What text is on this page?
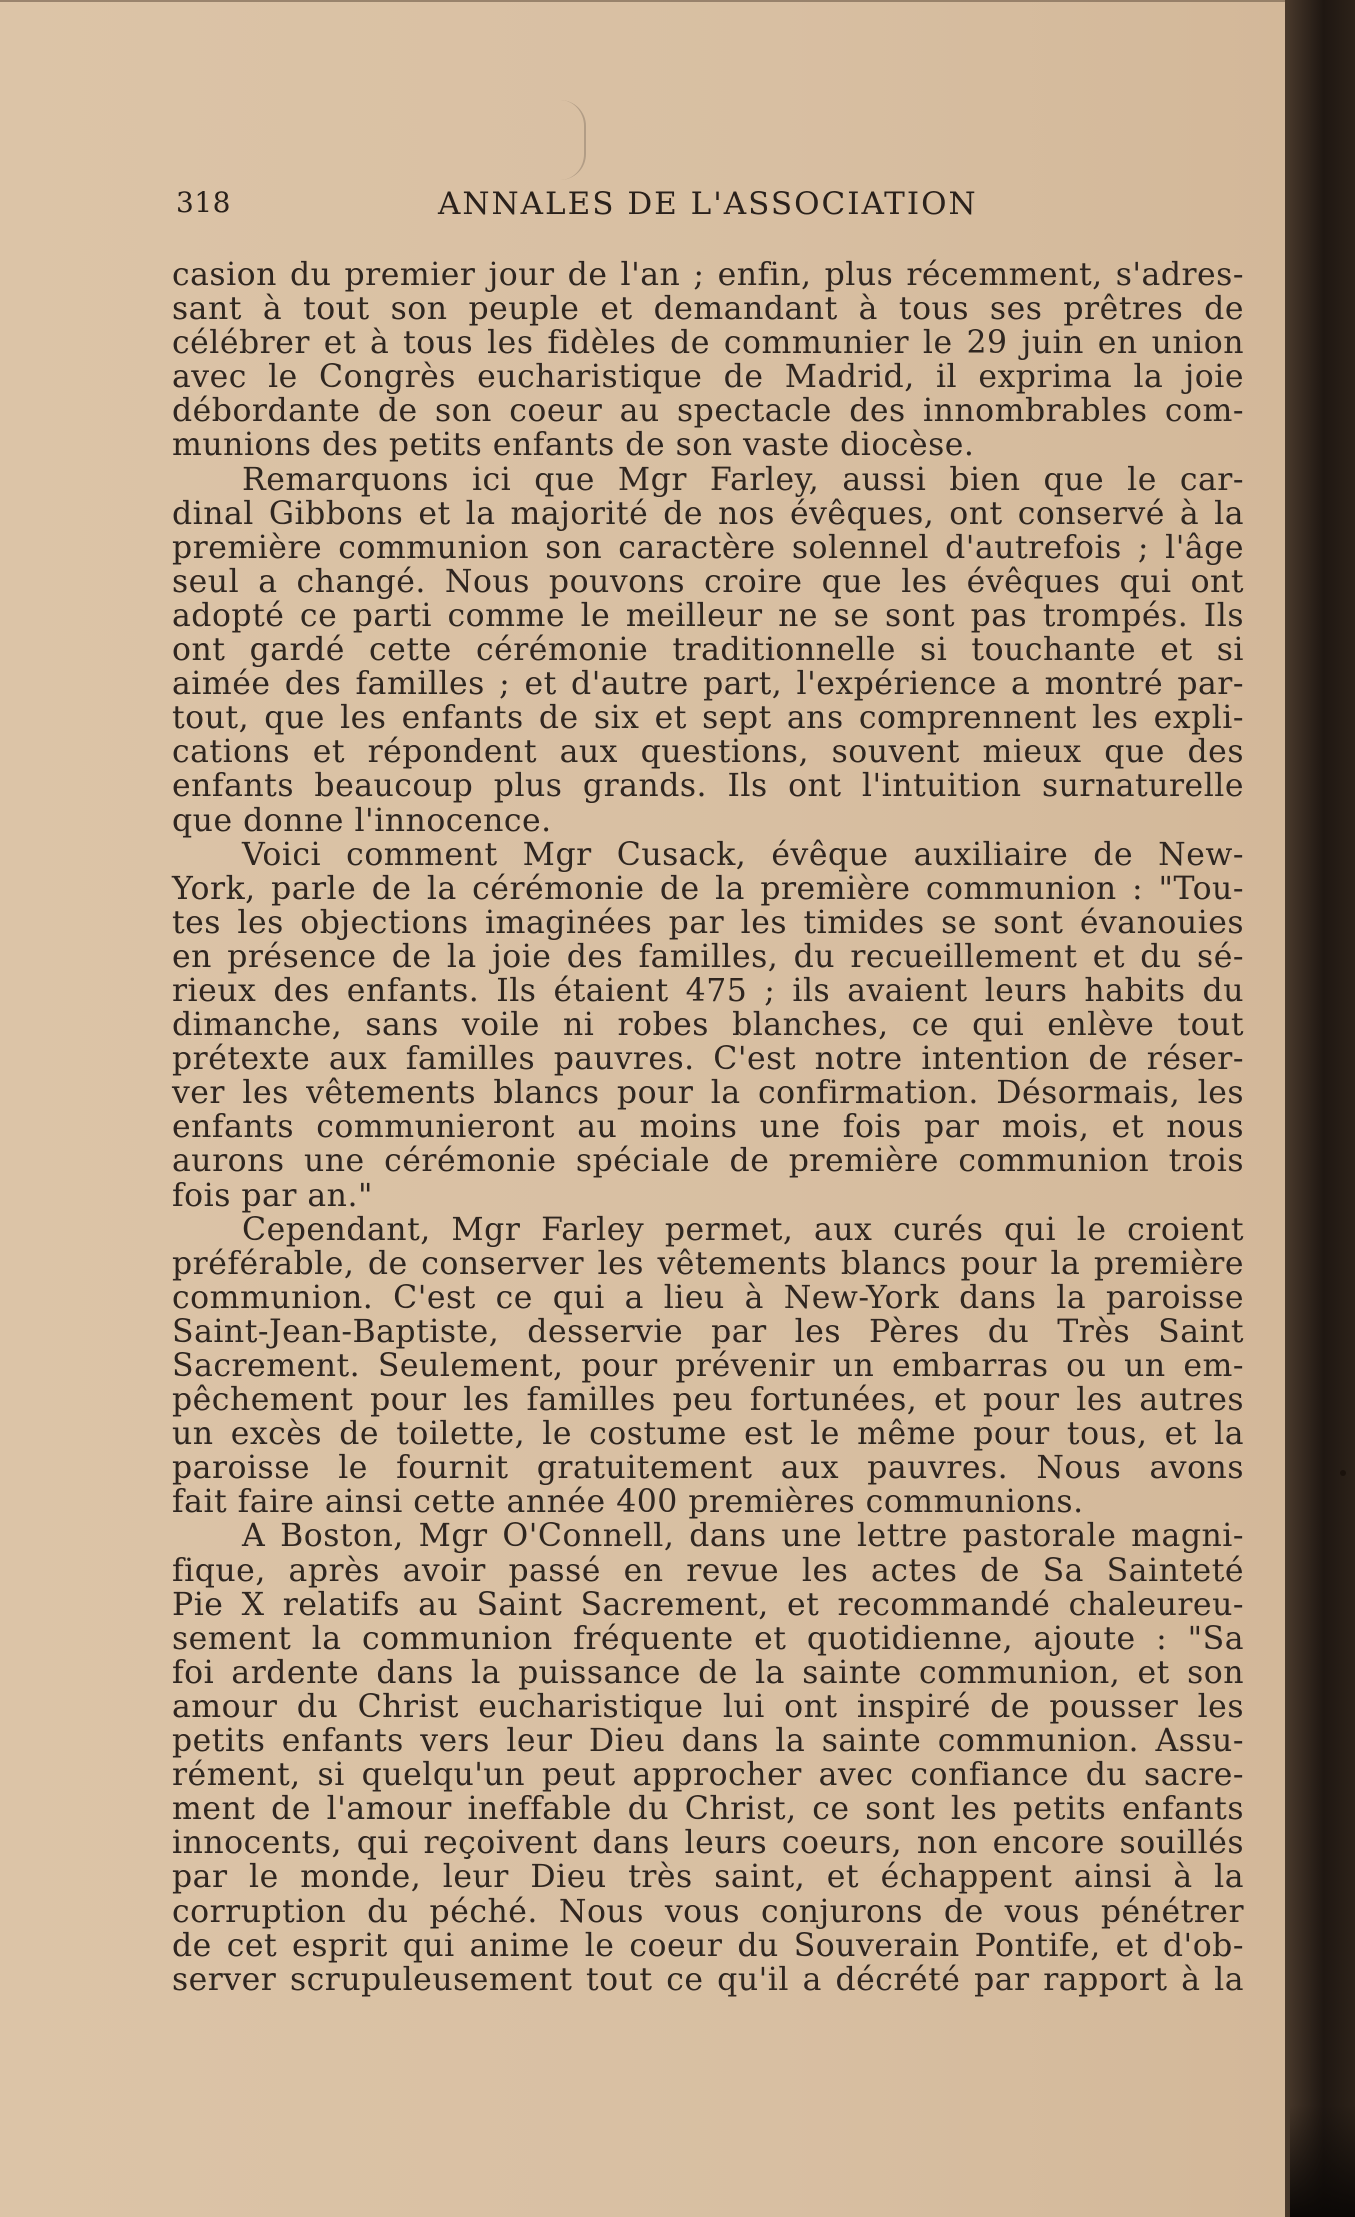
318	ANNALES DE L'ASSOCIATION
casion du premier jour de l'an ; enfin, plus récemment, s'adres-
sant à tout son peuple et demandant à tous ses prêtres de
célébrer et à tous les fidèles de communier le 29 juin en union
avec le Congrès eucharistique de Madrid, il exprima la joie
débordante de son coeur au spectacle des innombrables com-
munions des petits enfants de son vaste diocèse.
Remarquons ici que Mgr Farley, aussi bien que le car-
dinal Gibbons et la majorité de nos évêques, ont conservé à la
première communion son caractère solennel d'autrefois ; l'âge
seul a changé. Nous pouvons croire que les évêques qui ont
adopté ce parti comme le meilleur ne se sont pas trompés. Ils
ont gardé cette cérémonie traditionnelle si touchante et si
aimée des familles ; et d'autre part, l'expérience a montré par-
tout, que les enfants de six et sept ans comprennent les expli-
cations et répondent aux questions, souvent mieux que des
enfants beaucoup plus grands. Ils ont l'intuition surnaturelle
que donne l'innocence.
Voici comment Mgr Cusack, évêque auxiliaire de New-
York, parle de la cérémonie de la première communion : "Tou-
tes les objections imaginées par les timides se sont évanouies
en présence de la joie des familles, du recueillement et du sé-
rieux des enfants. Ils étaient 475 ; ils avaient leurs habits du
dimanche, sans voile ni robes blanches, ce qui enlève tout
prétexte aux familles pauvres. C'est notre intention de réser-
ver les vêtements blancs pour la confirmation. Désormais, les
enfants communieront au moins une fois par mois, et nous
aurons une cérémonie spéciale de première communion trois
fois par an."
Cependant, Mgr Farley permet, aux curés qui le croient
préférable, de conserver les vêtements blancs pour la première
communion. C'est ce qui a lieu à New-York dans la paroisse
Saint-Jean-Baptiste, desservie par les Pères du Très Saint
Sacrement. Seulement, pour prévenir un embarras ou un em-
pêchement pour les familles peu fortunées, et pour les autres
un excès de toilette, le costume est le même pour tous, et la
paroisse le fournit gratuitement aux pauvres. Nous avons
fait faire ainsi cette année 400 premières communions.
A Boston, Mgr O'Connell, dans une lettre pastorale magni-
fique, après avoir passé en revue les actes de Sa Sainteté
Pie X relatifs au Saint Sacrement, et recommandé chaleureu-
sement la communion fréquente et quotidienne, ajoute : "Sa
foi ardente dans la puissance de la sainte communion, et son
amour du Christ eucharistique lui ont inspiré de pousser les
petits enfants vers leur Dieu dans la sainte communion. Assu-
rément, si quelqu'un peut approcher avec confiance du sacre-
ment de l'amour ineffable du Christ, ce sont les petits enfants
innocents, qui reçoivent dans leurs coeurs, non encore souillés
par le monde, leur Dieu très saint, et échappent ainsi à la
corruption du péché. Nous vous conjurons de vous pénétrer
de cet esprit qui anime le coeur du Souverain Pontife, et d'ob-
server scrupuleusement tout ce qu'il a décrété par rapport à la
